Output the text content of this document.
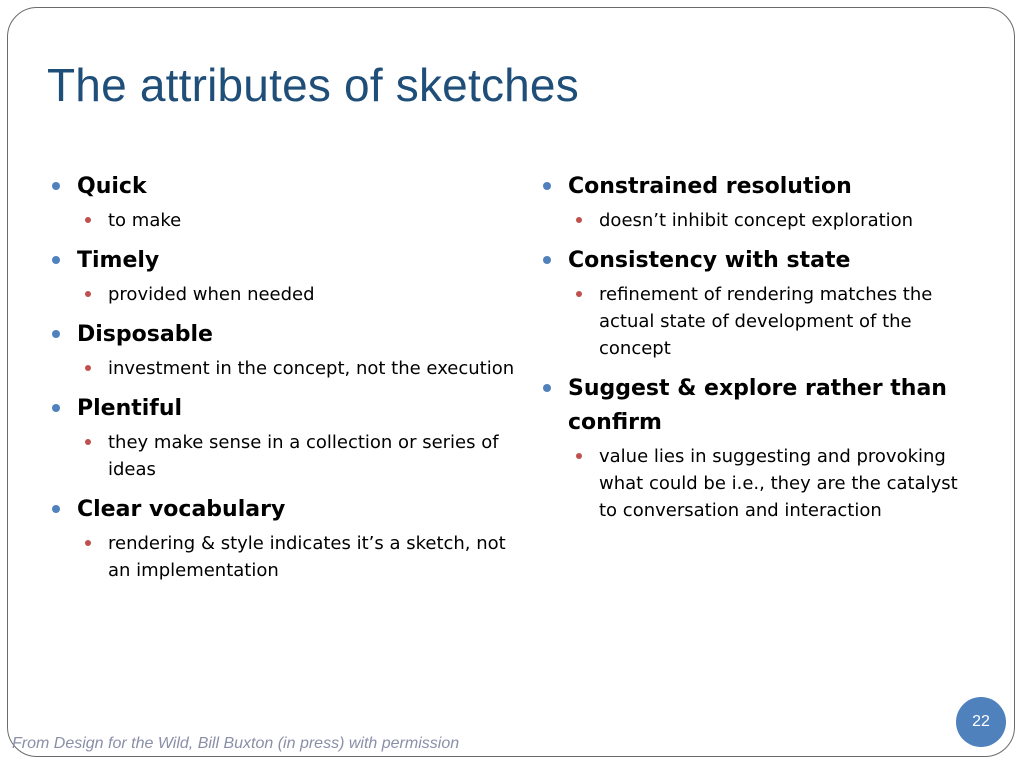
The attributes of sketches
Quick
to make
Timely
provided when needed
Disposable
investment in the concept, not the execution
Plentiful
they make sense in a collection or series of ideas
Clear vocabulary
rendering & style indicates it’s a sketch, not an implementation
Constrained resolution
doesn’t inhibit concept exploration
Consistency with state
refinement of rendering matches the actual state of development of the concept
Suggest & explore rather than confirm
value lies in suggesting and provoking what could be i.e., they are the catalyst to conversation and interaction
22
From Design for the Wild, Bill Buxton (in press) with permission
